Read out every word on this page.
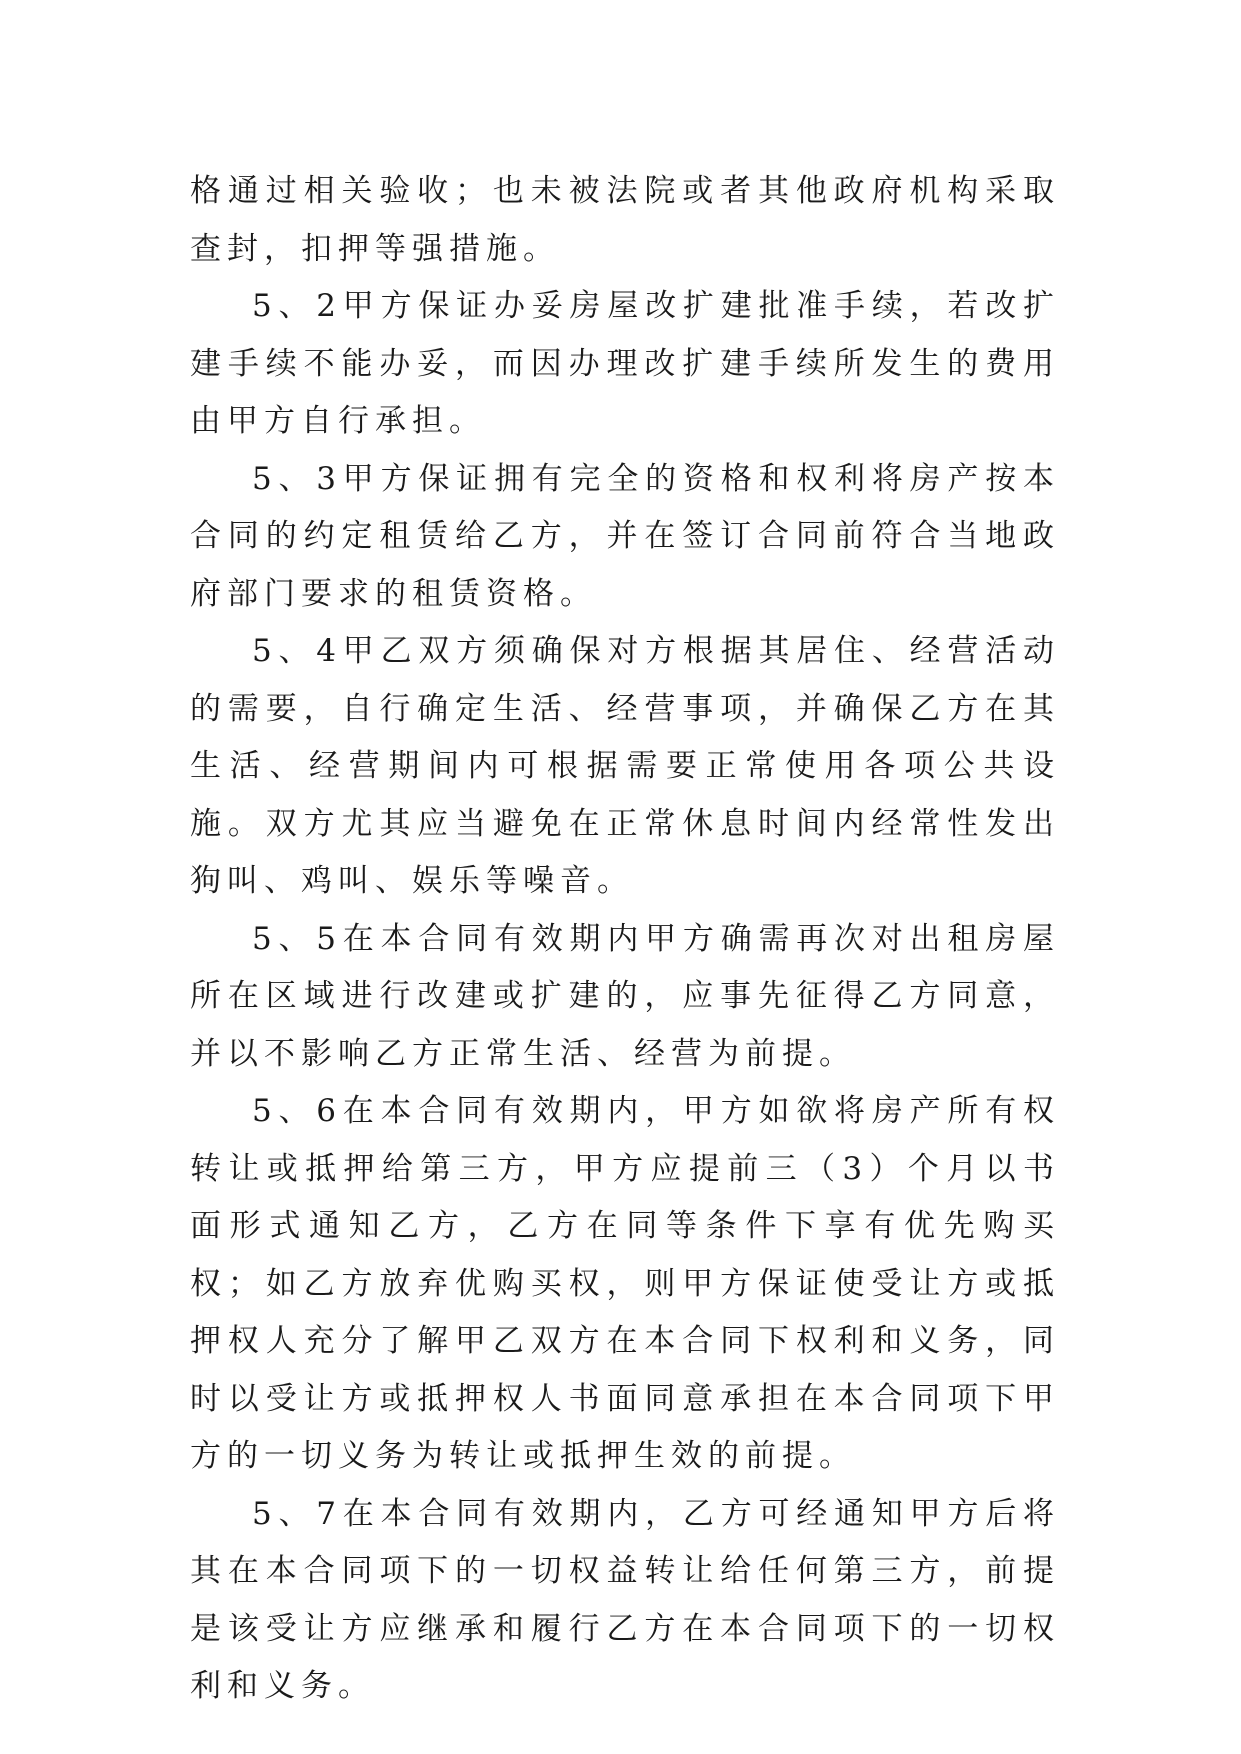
格通过相关验收；也未被法院或者其他政府机构采取查封，扣押等强措施。

5、2甲方保证办妥房屋改扩建批准手续，若改扩建手续不能办妥，而因办理改扩建手续所发生的费用由甲方自行承担。

5、3甲方保证拥有完全的资格和权利将房产按本合同的约定租赁给乙方，并在签订合同前符合当地政府部门要求的租赁资格。

5、4甲乙双方须确保对方根据其居住、经营活动的需要，自行确定生活、经营事项，并确保乙方在其生活、经营期间内可根据需要正常使用各项公共设施。双方尤其应当避免在正常休息时间内经常性发出狗叫、鸡叫、娱乐等噪音。

5、5在本合同有效期内甲方确需再次对出租房屋所在区域进行改建或扩建的，应事先征得乙方同意，并以不影响乙方正常生活、经营为前提。

5、6在本合同有效期内，甲方如欲将房产所有权转让或抵押给第三方，甲方应提前三（3）个月以书面形式通知乙方，乙方在同等条件下享有优先购买权；如乙方放弃优购买权，则甲方保证使受让方或抵押权人充分了解甲乙双方在本合同下权利和义务，同时以受让方或抵押权人书面同意承担在本合同项下甲方的一切义务为转让或抵押生效的前提。

5、7在本合同有效期内，乙方可经通知甲方后将其在本合同项下的一切权益转让给任何第三方，前提是该受让方应继承和履行乙方在本合同项下的一切权利和义务。
